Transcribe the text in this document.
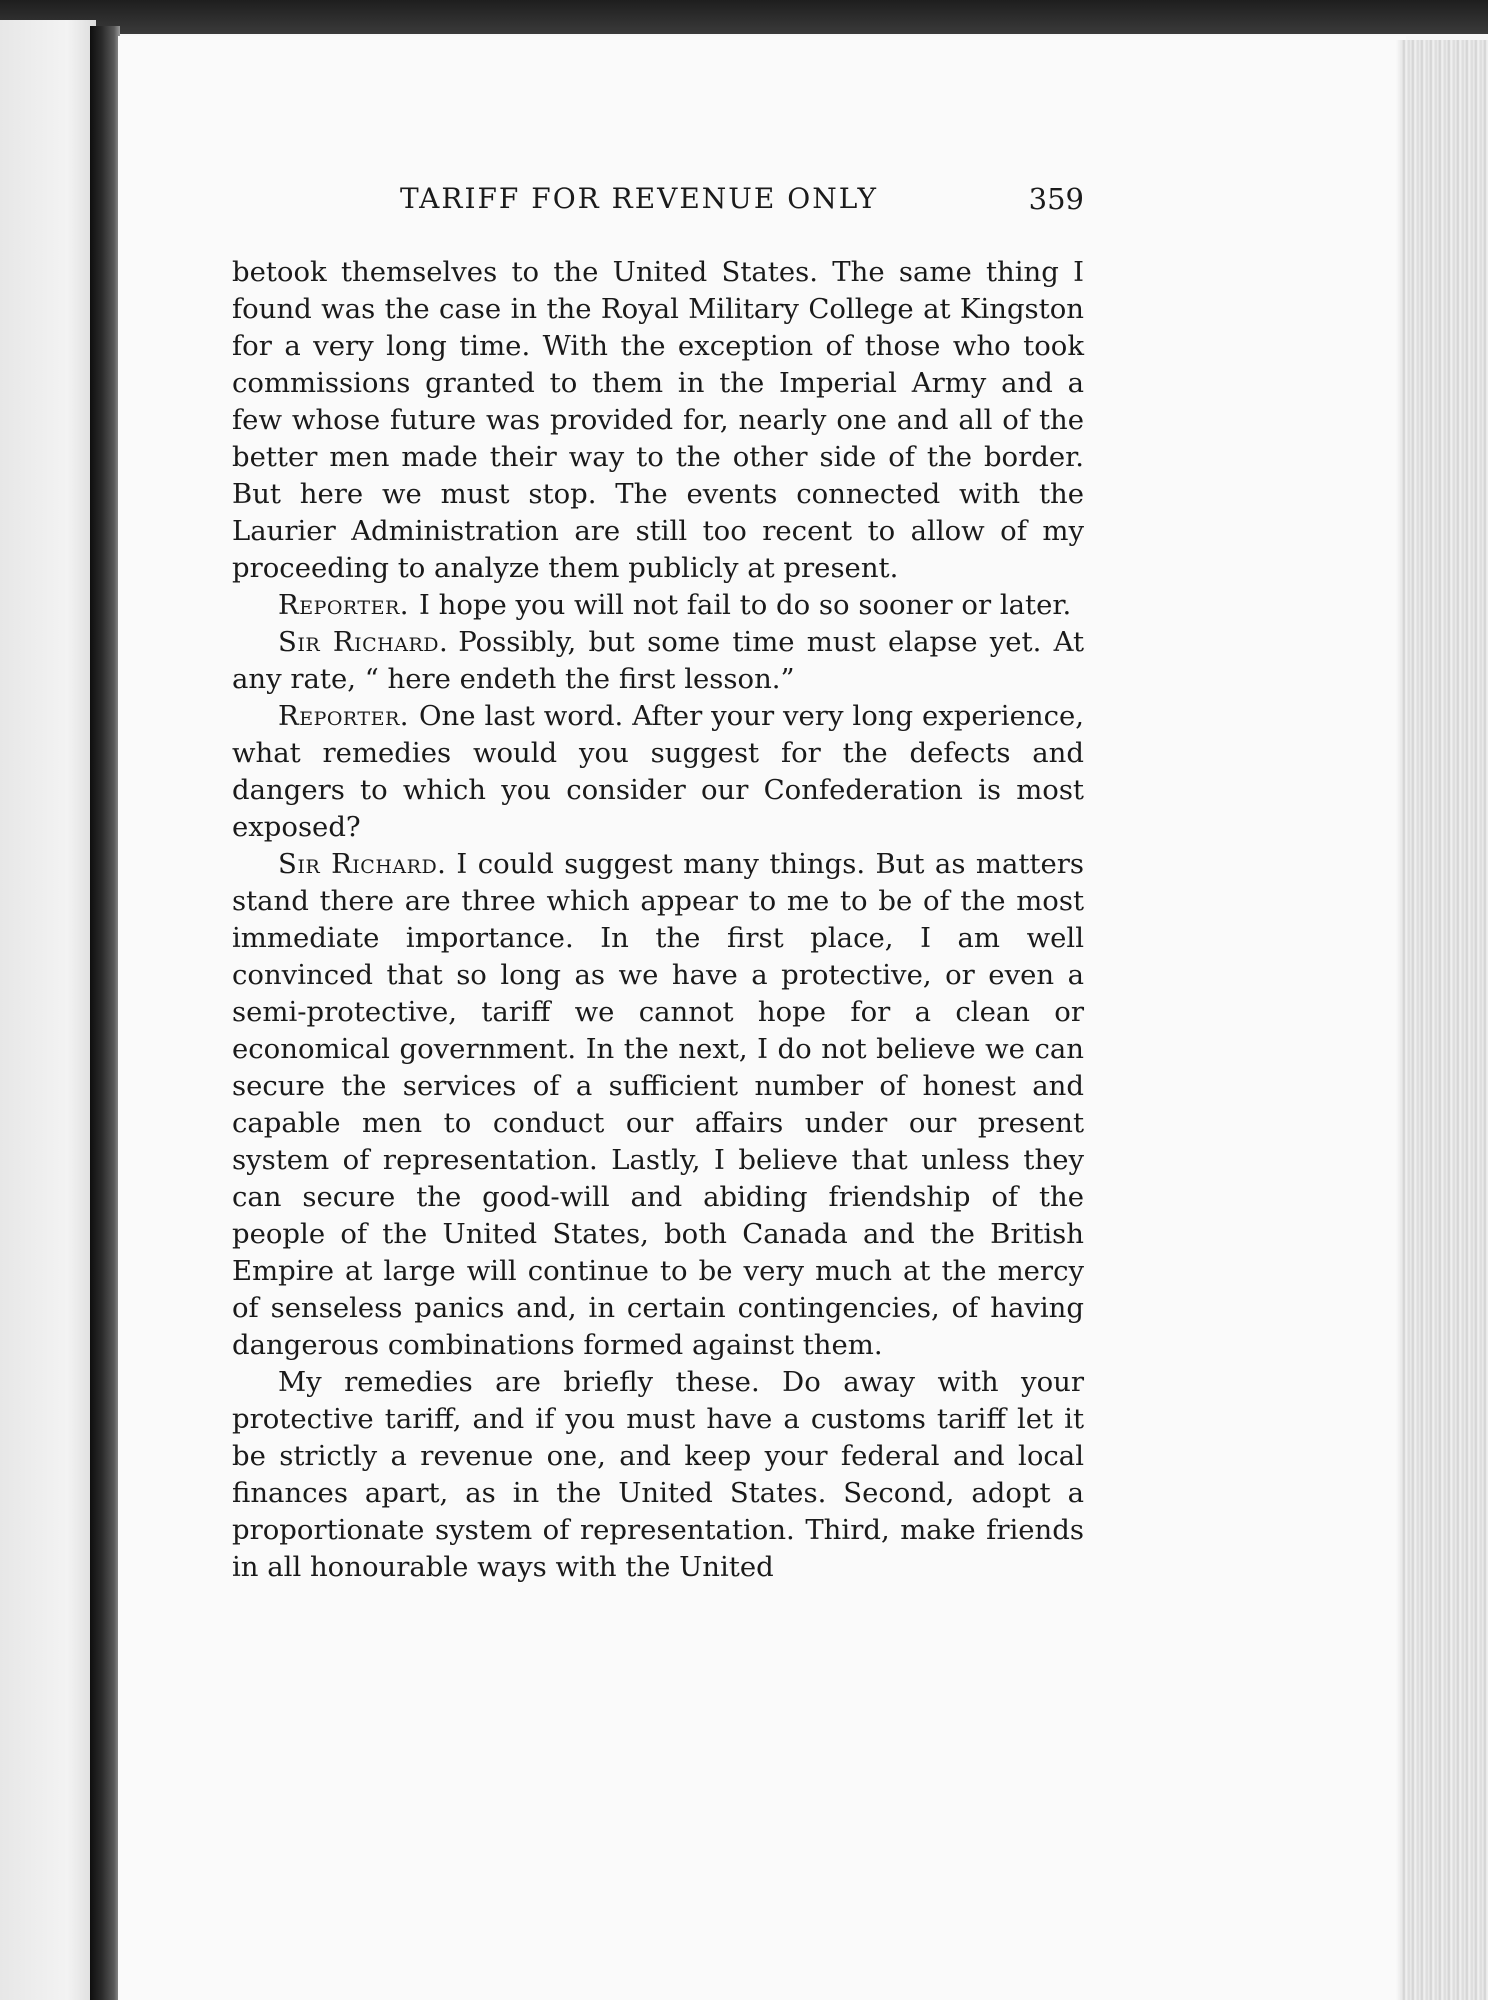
TARIFF FOR REVENUE ONLY	359

betook themselves to the United States. The same thing I found was the case in the Royal Military College at Kingston for a very long time. With the exception of those who took commissions granted to them in the Imperial Army and a few whose future was provided for, nearly one and all of the better men made their way to the other side of the border. But here we must stop. The events connected with the Laurier Administration are still too recent to allow of my proceeding to analyze them publicly at present.

Reporter. I hope you will not fail to do so sooner or later.

Sir Richard. Possibly, but some time must elapse yet. At any rate, “ here endeth the first lesson.”

Reporter. One last word. After your very long experience, what remedies would you suggest for the defects and dangers to which you consider our Confederation is most exposed?

Sir Richard. I could suggest many things. But as matters stand there are three which appear to me to be of the most immediate importance. In the first place, I am well convinced that so long as we have a protective, or even a semi-protective, tariff we cannot hope for a clean or economical government. In the next, I do not believe we can secure the services of a sufficient number of honest and capable men to conduct our affairs under our present system of representation. Lastly, I believe that unless they can secure the good-will and abiding friendship of the people of the United States, both Canada and the British Empire at large will continue to be very much at the mercy of senseless panics and, in certain contingencies, of having dangerous combinations formed against them.

My remedies are briefly these. Do away with your protective tariff, and if you must have a customs tariff let it be strictly a revenue one, and keep your federal and local finances apart, as in the United States. Second, adopt a proportionate system of representation. Third, make friends in all honourable ways with the United
